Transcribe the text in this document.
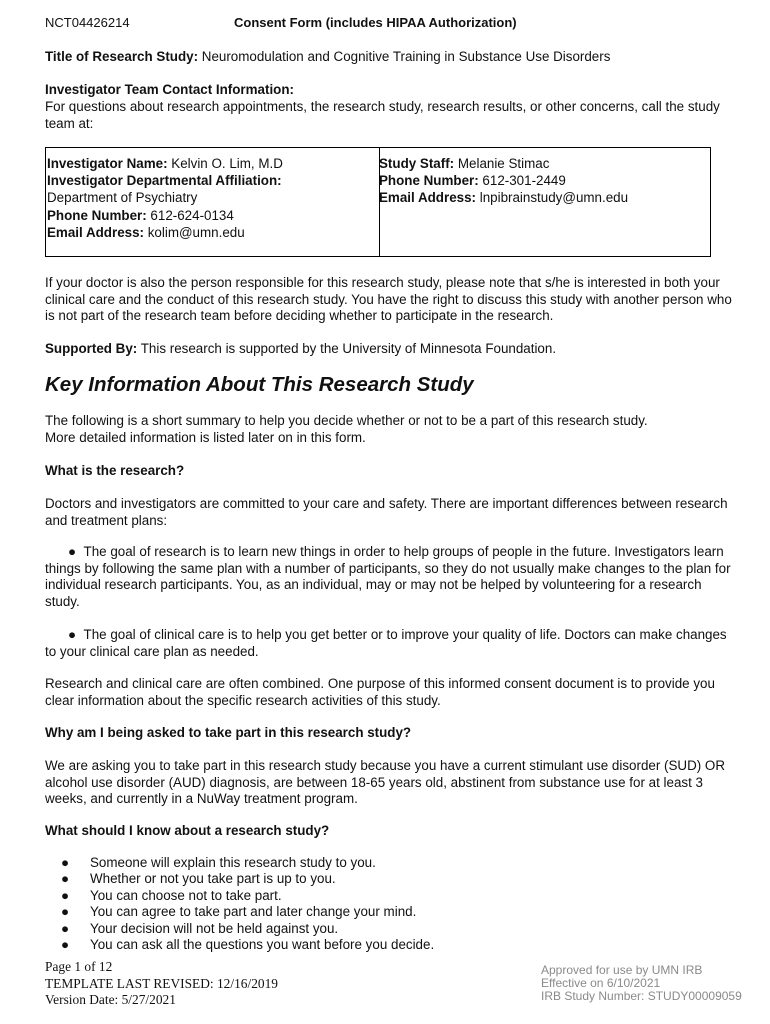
NCT04426214	Consent Form (includes HIPAA Authorization)
Title of Research Study: Neuromodulation and Cognitive Training in Substance Use Disorders
Investigator Team Contact Information:
For questions about research appointments, the research study, research results, or other concerns, call the study team at:
Investigator Name: Kelvin O. Lim, M.D
Investigator Departmental Affiliation:
Department of Psychiatry
Phone Number: 612-624-0134
Email Address: kolim@umn.edu
Study Staff: Melanie Stimac
Phone Number: 612-301-2449
Email Address: lnpibrainstudy@umn.edu
If your doctor is also the person responsible for this research study, please note that s/he is interested in both your clinical care and the conduct of this research study. You have the right to discuss this study with another person who is not part of the research team before deciding whether to participate in the research.
Supported By: This research is supported by the University of Minnesota Foundation.
Key Information About This Research Study
The following is a short summary to help you decide whether or not to be a part of this research study.
More detailed information is listed later on in this form.
What is the research?
Doctors and investigators are committed to your care and safety. There are important differences between research and treatment plans:
● The goal of research is to learn new things in order to help groups of people in the future. Investigators learn things by following the same plan with a number of participants, so they do not usually make changes to the plan for individual research participants. You, as an individual, may or may not be helped by volunteering for a research study.
● The goal of clinical care is to help you get better or to improve your quality of life. Doctors can make changes to your clinical care plan as needed.
Research and clinical care are often combined. One purpose of this informed consent document is to provide you clear information about the specific research activities of this study.
Why am I being asked to take part in this research study?
We are asking you to take part in this research study because you have a current stimulant use disorder (SUD) OR alcohol use disorder (AUD) diagnosis, are between 18-65 years old, abstinent from substance use for at least 3 weeks, and currently in a NuWay treatment program.
What should I know about a research study?
●	Someone will explain this research study to you.
●	Whether or not you take part is up to you.
●	You can choose not to take part.
●	You can agree to take part and later change your mind.
●	Your decision will not be held against you.
●	You can ask all the questions you want before you decide.
Page 1 of 12
TEMPLATE LAST REVISED: 12/16/2019
Version Date: 5/27/2021
Approved for use by UMN IRB
Effective on 6/10/2021
IRB Study Number: STUDY00009059
